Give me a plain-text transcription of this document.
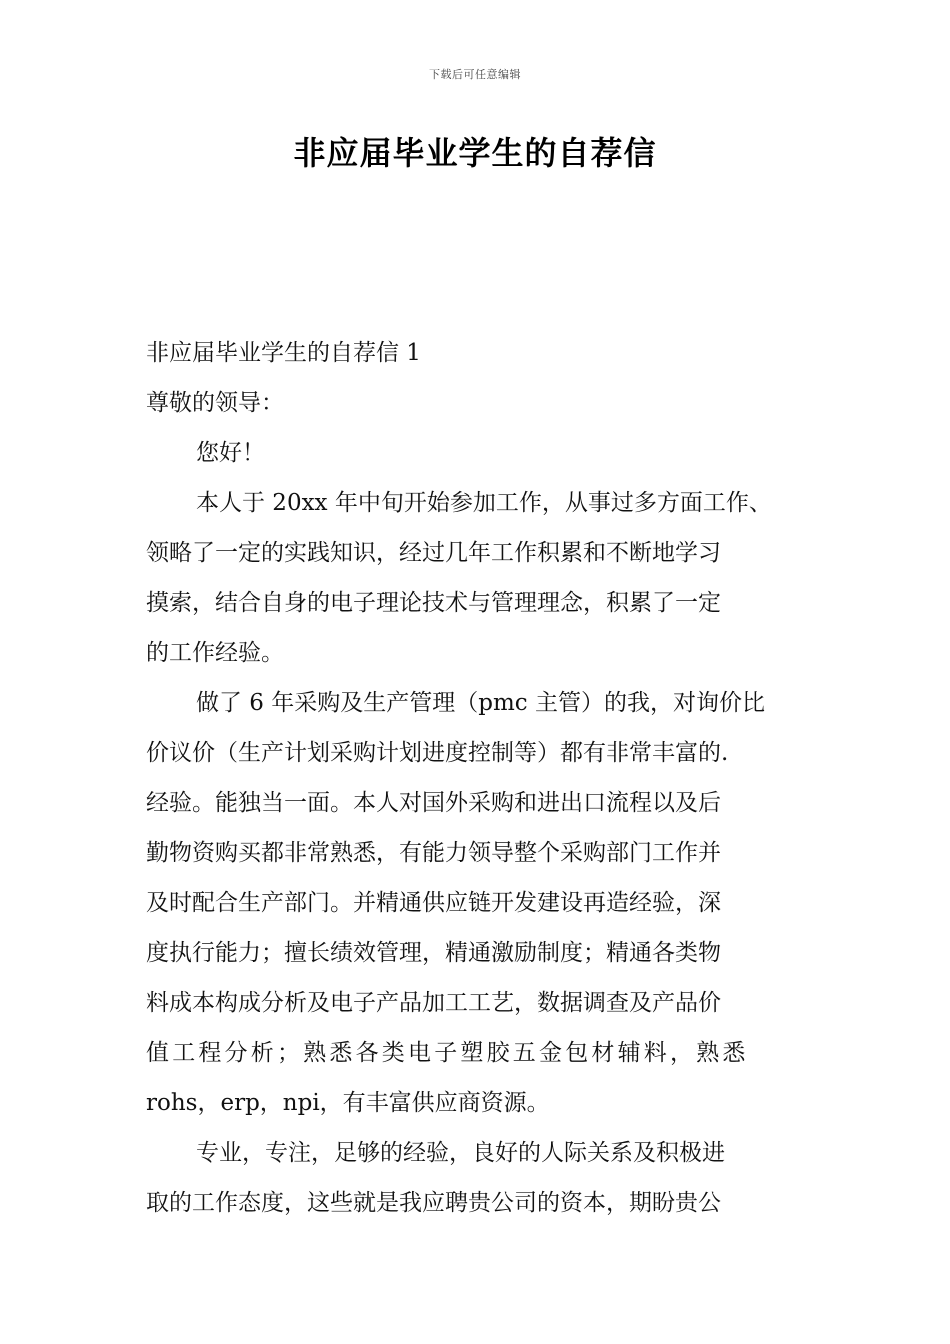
下载后可任意编辑
非应届毕业学生的自荐信
非应届毕业学生的自荐信 1
尊敬的领导：
您好！
本人于 20xx 年中旬开始参加工作，从事过多方面工作、
领略了一定的实践知识，经过几年工作积累和不断地学习
摸索，结合自身的电子理论技术与管理理念，积累了一定
的工作经验。
做了 6 年采购及生产管理（pmc 主管）的我，对询价比
价议价（生产计划采购计划进度控制等）都有非常丰富的.
经验。能独当一面。本人对国外采购和进出口流程以及后
勤物资购买都非常熟悉，有能力领导整个采购部门工作并
及时配合生产部门。并精通供应链开发建设再造经验，深
度执行能力；擅长绩效管理，精通激励制度；精通各类物
料成本构成分析及电子产品加工工艺，数据调查及产品价
值工程分析；熟悉各类电子塑胶五金包材辅料，熟悉
rohs，erp，npi，有丰富供应商资源。
专业，专注，足够的经验，良好的人际关系及积极进
取的工作态度，这些就是我应聘贵公司的资本，期盼贵公
